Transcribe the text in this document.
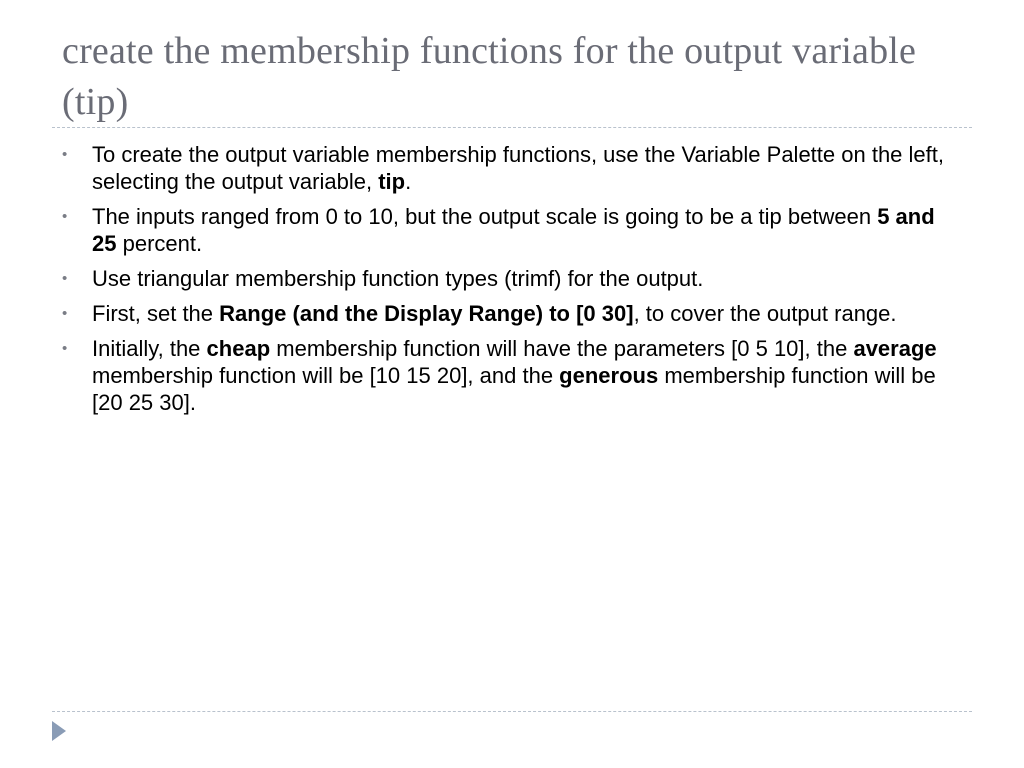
create the membership functions for the output variable (tip)
•	To create the output variable membership functions, use the Variable Palette on the left, selecting the output variable, tip.
•	The inputs ranged from 0 to 10, but the output scale is going to be a tip between 5 and 25 percent.
•	Use triangular membership function types (trimf) for the output.
•	First, set the Range (and the Display Range) to [0 30], to cover the output range.
•	Initially, the cheap membership function will have the parameters [0 5 10], the average membership function will be [10 15 20], and the generous membership function will be [20 25 30].
